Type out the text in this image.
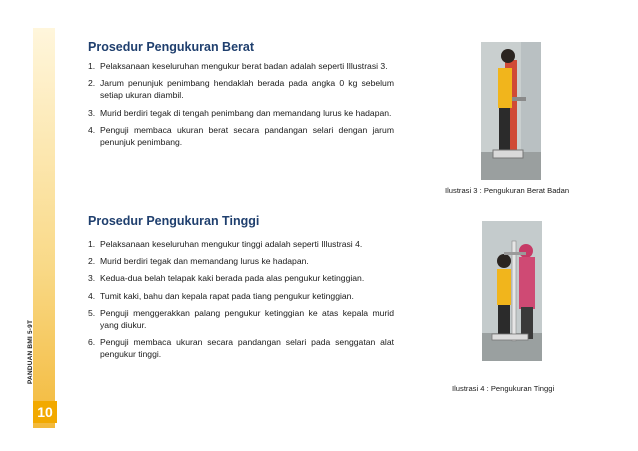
PANDUAN BMI 5-9T
10
Prosedur Pengukuran Berat
1. Pelaksanaan keseluruhan mengukur berat badan adalah seperti Illustrasi 3.
2. Jarum penunjuk penimbang hendaklah berada pada angka 0 kg sebelum setiap ukuran diambil.
3. Murid berdiri tegak di tengah penimbang dan memandang lurus ke hadapan.
4. Penguji membaca ukuran berat secara pandangan selari dengan jarum penunjuk penimbang.
Ilustrasi 3 : Pengukuran Berat Badan
Prosedur Pengukuran Tinggi
1. Pelaksanaan keseluruhan mengukur tinggi adalah seperti Illustrasi 4.
2. Murid berdiri tegak dan memandang lurus ke hadapan.
3. Kedua-dua belah telapak kaki berada pada alas pengukur ketinggian.
4. Tumit kaki, bahu dan kepala rapat pada tiang pengukur ketinggian.
5. Penguji menggerakkan palang pengukur ketinggian ke atas kepala murid yang diukur.
6. Penguji membaca ukuran secara pandangan selari pada senggatan alat pengukur tinggi.
Ilustrasi 4 : Pengukuran Tinggi
